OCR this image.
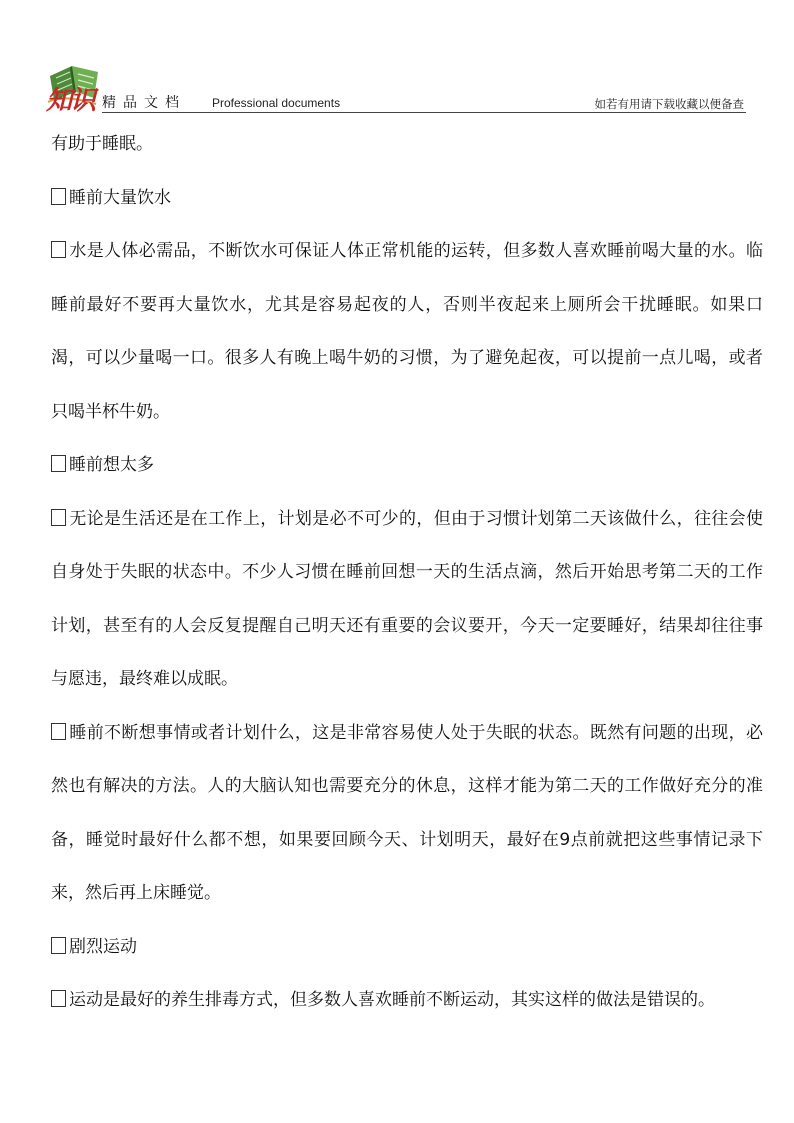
知识 精品文档 Professional documents	如若有用请下载收藏以便备查

有助于睡眠。

睡前大量饮水

水是人体必需品，不断饮水可保证人体正常机能的运转，但多数人喜欢睡前喝大量的水。临睡前最好不要再大量饮水，尤其是容易起夜的人，否则半夜起来上厕所会干扰睡眠。如果口渴，可以少量喝一口。很多人有晚上喝牛奶的习惯，为了避免起夜，可以提前一点儿喝，或者只喝半杯牛奶。

睡前想太多

无论是生活还是在工作上，计划是必不可少的，但由于习惯计划第二天该做什么，往往会使自身处于失眠的状态中。不少人习惯在睡前回想一天的生活点滴，然后开始思考第二天的工作计划，甚至有的人会反复提醒自己明天还有重要的会议要开，今天一定要睡好，结果却往往事与愿违，最终难以成眠。

睡前不断想事情或者计划什么，这是非常容易使人处于失眠的状态。既然有问题的出现，必然也有解决的方法。人的大脑认知也需要充分的休息，这样才能为第二天的工作做好充分的准备，睡觉时最好什么都不想，如果要回顾今天、计划明天，最好在9点前就把这些事情记录下来，然后再上床睡觉。

剧烈运动

运动是最好的养生排毒方式，但多数人喜欢睡前不断运动，其实这样的做法是错误的。
